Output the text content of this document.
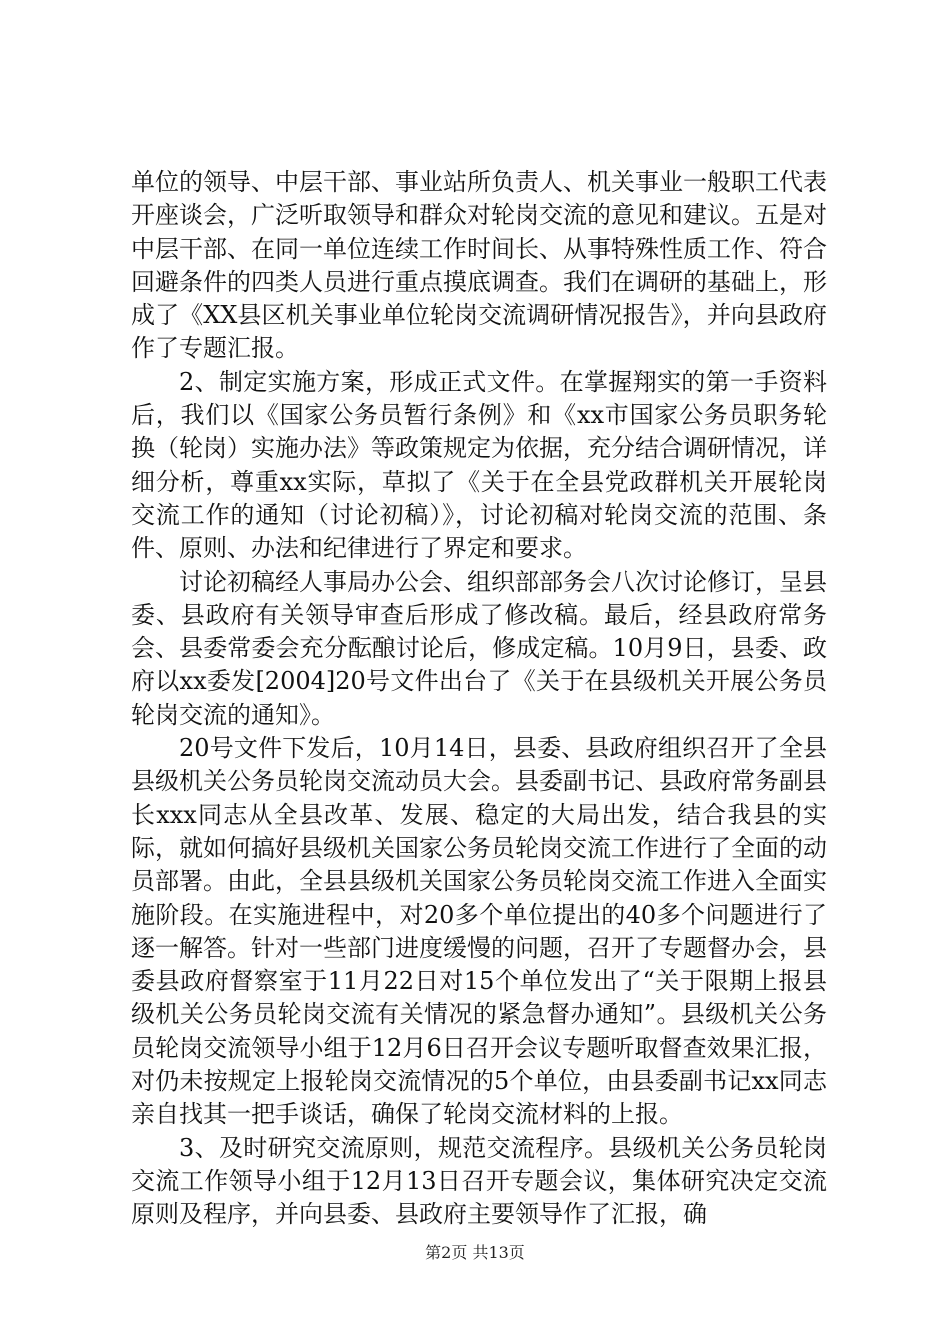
单位的领导、中层干部、事业站所负责人、机关事业一般职工代表开座谈会，广泛听取领导和群众对轮岗交流的意见和建议。五是对中层干部、在同一单位连续工作时间长、从事特殊性质工作、符合回避条件的四类人员进行重点摸底调查。我们在调研的基础上，形成了《XX县区机关事业单位轮岗交流调研情况报告》，并向县政府作了专题汇报。

2、制定实施方案，形成正式文件。在掌握翔实的第一手资料后，我们以《国家公务员暂行条例》和《xx市国家公务员职务轮换（轮岗）实施办法》等政策规定为依据，充分结合调研情况，详细分析，尊重xx实际，草拟了《关于在全县党政群机关开展轮岗交流工作的通知（讨论初稿）》，讨论初稿对轮岗交流的范围、条件、原则、办法和纪律进行了界定和要求。

讨论初稿经人事局办公会、组织部部务会八次讨论修订，呈县委、县政府有关领导审查后形成了修改稿。最后，经县政府常务会、县委常委会充分酝酿讨论后，修成定稿。10月9日，县委、政府以xx委发[2004]20号文件出台了《关于在县级机关开展公务员轮岗交流的通知》。

20号文件下发后，10月14日，县委、县政府组织召开了全县县级机关公务员轮岗交流动员大会。县委副书记、县政府常务副县长xxx同志从全县改革、发展、稳定的大局出发，结合我县的实际，就如何搞好县级机关国家公务员轮岗交流工作进行了全面的动员部署。由此，全县县级机关国家公务员轮岗交流工作进入全面实施阶段。在实施进程中，对20多个单位提出的40多个问题进行了逐一解答。针对一些部门进度缓慢的问题，召开了专题督办会，县委县政府督察室于11月22日对15个单位发出了“关于限期上报县级机关公务员轮岗交流有关情况的紧急督办通知”。县级机关公务员轮岗交流领导小组于12月6日召开会议专题听取督查效果汇报，对仍未按规定上报轮岗交流情况的5个单位，由县委副书记xx同志亲自找其一把手谈话，确保了轮岗交流材料的上报。

3、及时研究交流原则，规范交流程序。县级机关公务员轮岗交流工作领导小组于12月13日召开专题会议，集体研究决定交流原则及程序，并向县委、县政府主要领导作了汇报，确

第2页 共13页
